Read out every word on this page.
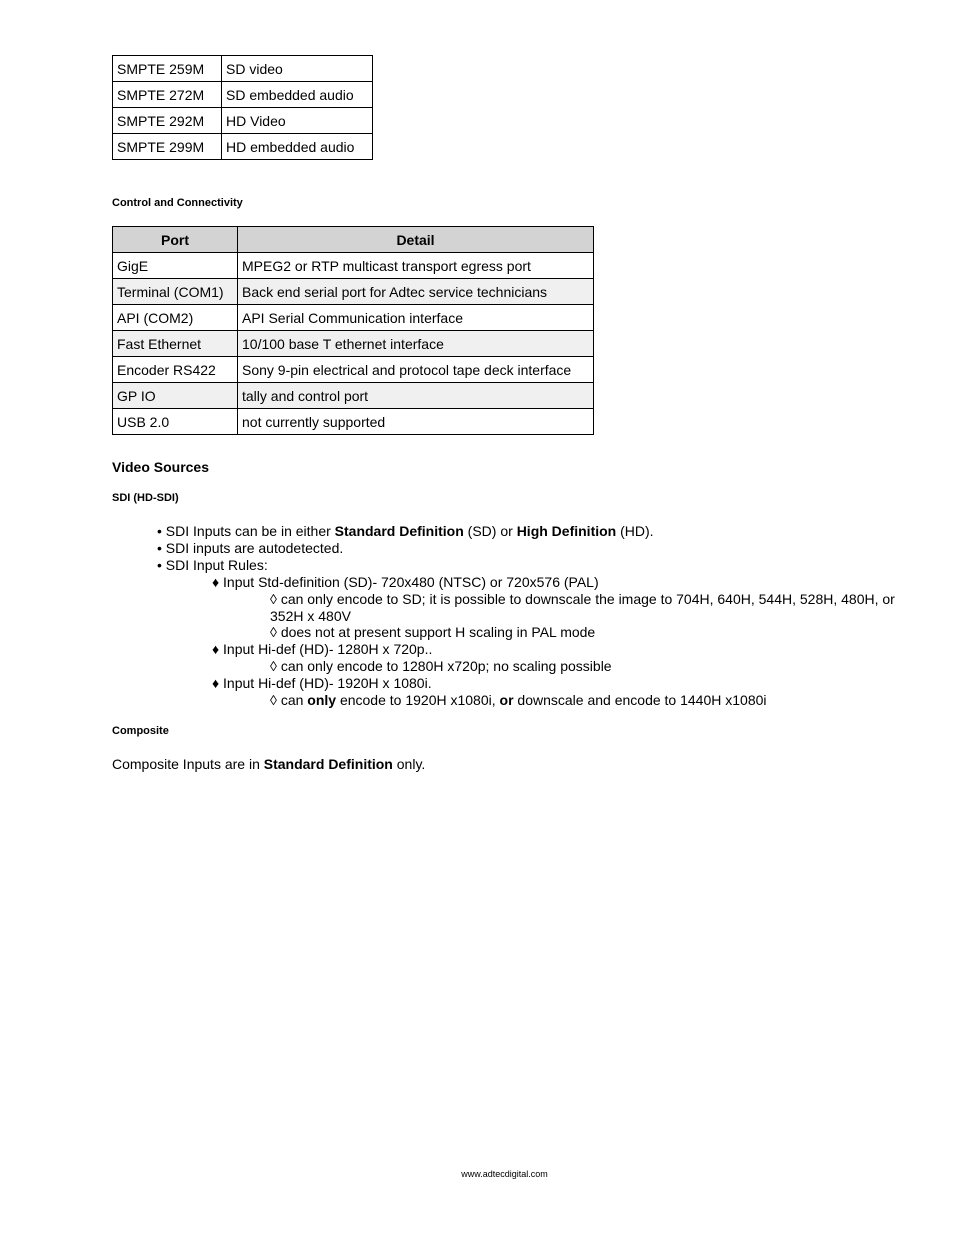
SMPTE 259M	SD video
SMPTE 272M	SD embedded audio
SMPTE 292M	HD Video
SMPTE 299M	HD embedded audio
Control and Connectivity
Port	Detail
GigE	MPEG2 or RTP multicast transport egress port
Terminal (COM1)	Back end serial port for Adtec service technicians
API (COM2)	API Serial Communication interface
Fast Ethernet	10/100 base T ethernet interface
Encoder RS422	Sony 9-pin electrical and protocol tape deck interface
GP IO	tally and control port
USB 2.0	not currently supported
Video Sources
SDI (HD-SDI)
• SDI Inputs can be in either Standard Definition (SD) or High Definition (HD).
• SDI inputs are autodetected.
• SDI Input Rules:
♦ Input Std-definition (SD)- 720x480 (NTSC) or 720x576 (PAL)
◊ can only encode to SD; it is possible to downscale the image to 704H, 640H, 544H, 528H, 480H, or 352H x 480V
◊ does not at present support H scaling in PAL mode
♦ Input Hi-def (HD)- 1280H x 720p..
◊ can only encode to 1280H x720p; no scaling possible
♦ Input Hi-def (HD)- 1920H x 1080i.
◊ can only encode to 1920H x1080i, or downscale and encode to 1440H x1080i
Composite
Composite Inputs are in Standard Definition only.
www.adtecdigital.com
